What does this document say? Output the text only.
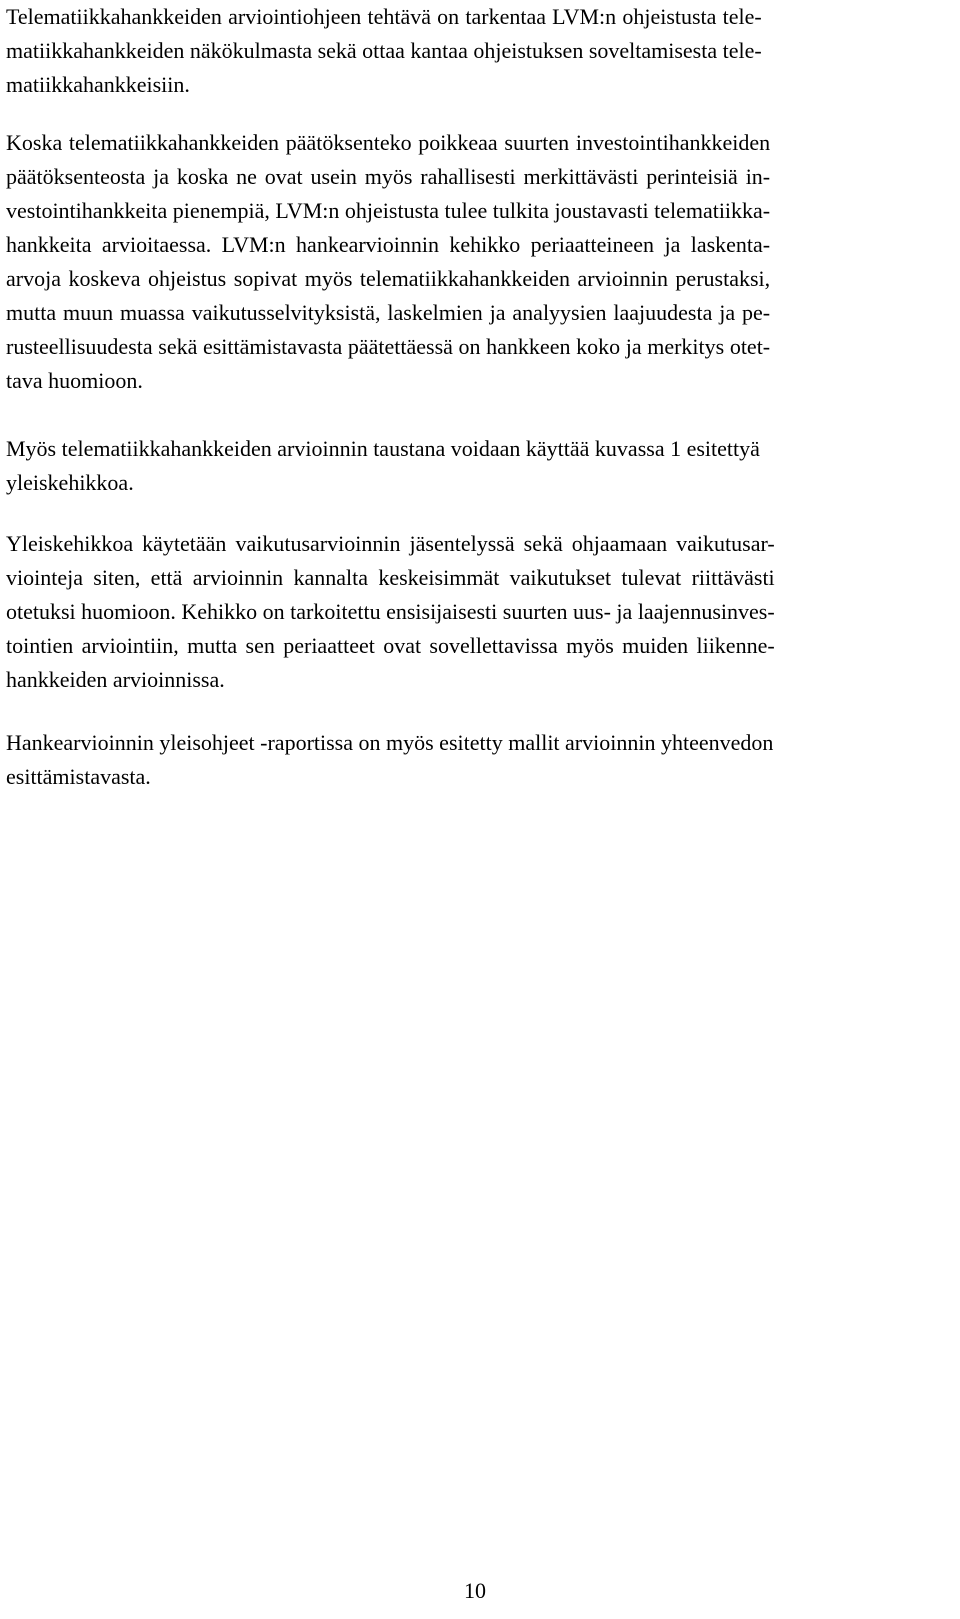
Telematiikkahankkeiden arviointiohjeen tehtävä on tarkentaa LVM:n ohjeistusta tele-
matiikkahankkeiden näkökulmasta sekä ottaa kantaa ohjeistuksen soveltamisesta tele-
matiikkahankkeisiin.
Koska telematiikkahankkeiden päätöksenteko poikkeaa suurten investointihankkeiden
päätöksenteosta ja koska ne ovat usein myös rahallisesti merkittävästi perinteisiä in-
vestointihankkeita pienempiä, LVM:n ohjeistusta tulee tulkita joustavasti telematiikka-
hankkeita arvioitaessa. LVM:n hankearvioinnin kehikko periaatteineen ja laskenta-
arvoja koskeva ohjeistus sopivat myös telematiikkahankkeiden arvioinnin perustaksi,
mutta muun muassa vaikutusselvityksistä, laskelmien ja analyysien laajuudesta ja pe-
rusteellisuudesta sekä esittämistavasta päätettäessä on hankkeen koko ja merkitys otet-
tava huomioon.
Myös telematiikkahankkeiden arvioinnin taustana voidaan käyttää kuvassa 1 esitettyä
yleiskehikkoa.
Yleiskehikkoa käytetään vaikutusarvioinnin jäsentelyssä sekä ohjaamaan vaikutusar-
viointeja siten, että arvioinnin kannalta keskeisimmät vaikutukset tulevat riittävästi
otetuksi huomioon. Kehikko on tarkoitettu ensisijaisesti suurten uus- ja laajennusinves-
tointien arviointiin, mutta sen periaatteet ovat sovellettavissa myös muiden liikenne-
hankkeiden arvioinnissa.
Hankearvioinnin yleisohjeet -raportissa on myös esitetty mallit arvioinnin yhteenvedon
esittämistavasta.
10
